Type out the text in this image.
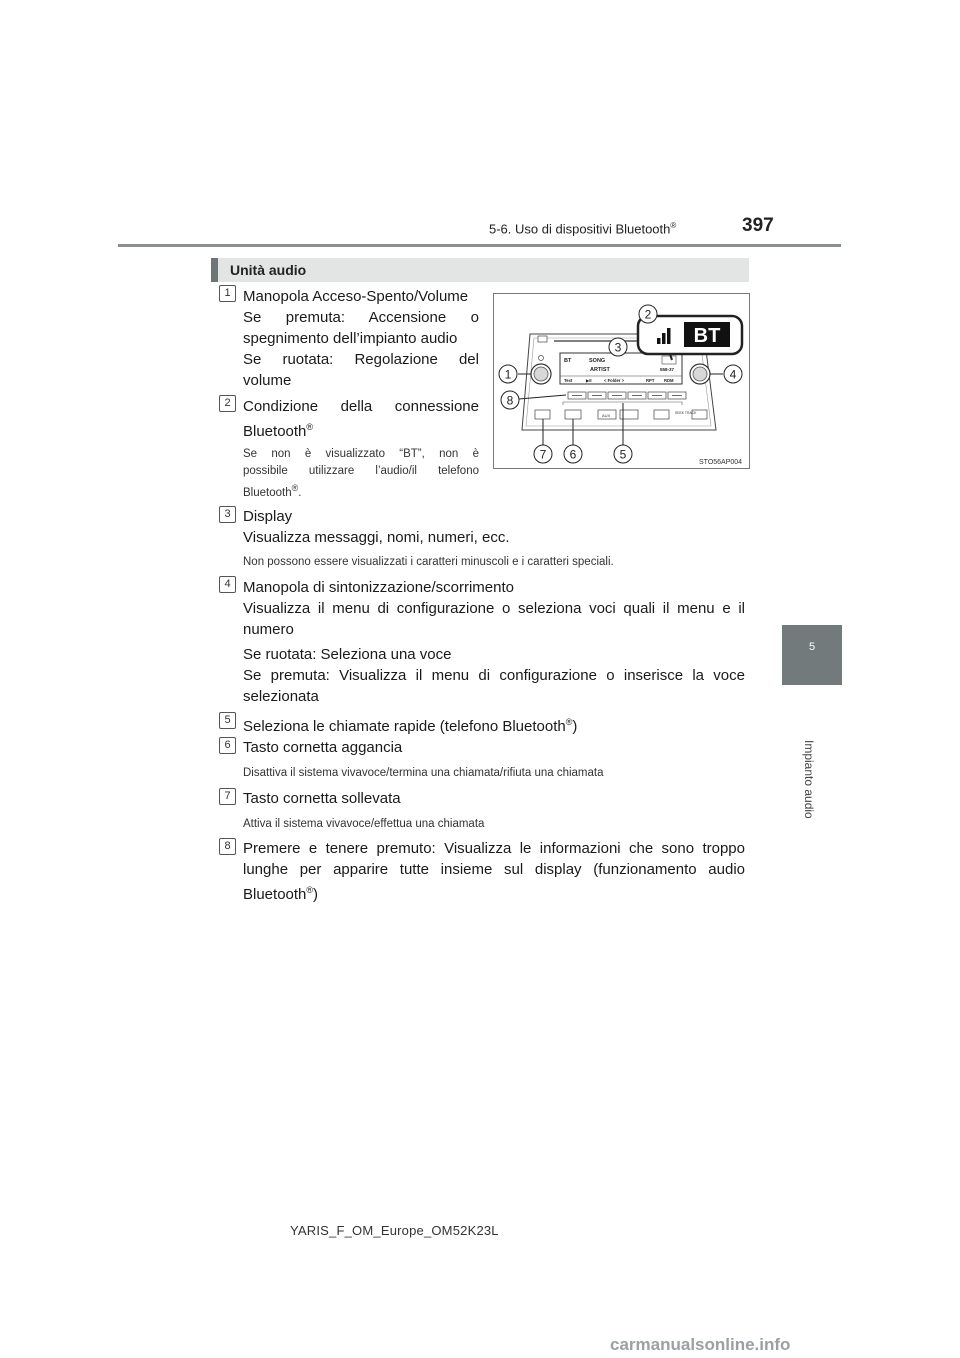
5-6. Uso di dispositivi Bluetooth®	397
5
Impianto audio
Unità audio
1 Manopola Acceso-Spento/Volume
Se premuta: Accensione o
spegnimento dell’impianto audio
Se ruotata: Regolazione del
volume
2 Condizione della connessione
Bluetooth®
Se non è visualizzato “BT”, non è
possibile utilizzare l’audio/il telefono
Bluetooth®.
3 Display
Visualizza messaggi, nomi, numeri, ecc.
Non possono essere visualizzati i caratteri minuscoli e i caratteri speciali.
4 Manopola di sintonizzazione/scorrimento
Visualizza il menu di configurazione o seleziona voci quali il menu e il
numero
Se ruotata: Seleziona una voce
Se premuta: Visualizza il menu di configurazione o inserisce la voce
selezionata
5 Seleziona le chiamate rapide (telefono Bluetooth®)
6 Tasto cornetta aggancia
Disattiva il sistema vivavoce/termina una chiamata/rifiuta una chiamata
7 Tasto cornetta sollevata
Attiva il sistema vivavoce/effettua una chiamata
8 Premere e tenere premuto: Visualizza le informazioni che sono troppo
lunghe per apparire tutte insieme sul display (funzionamento audio
Bluetooth®)
BT	SONG
ARTIST	558-37
Text	▶II	< Folder >	RPT RDM
AUX	SEEK TRACK
BT
1
2
3
4
5
6
7
8
STO56AP004
YARIS_F_OM_Europe_OM52K23L
carmanualsonline.info
